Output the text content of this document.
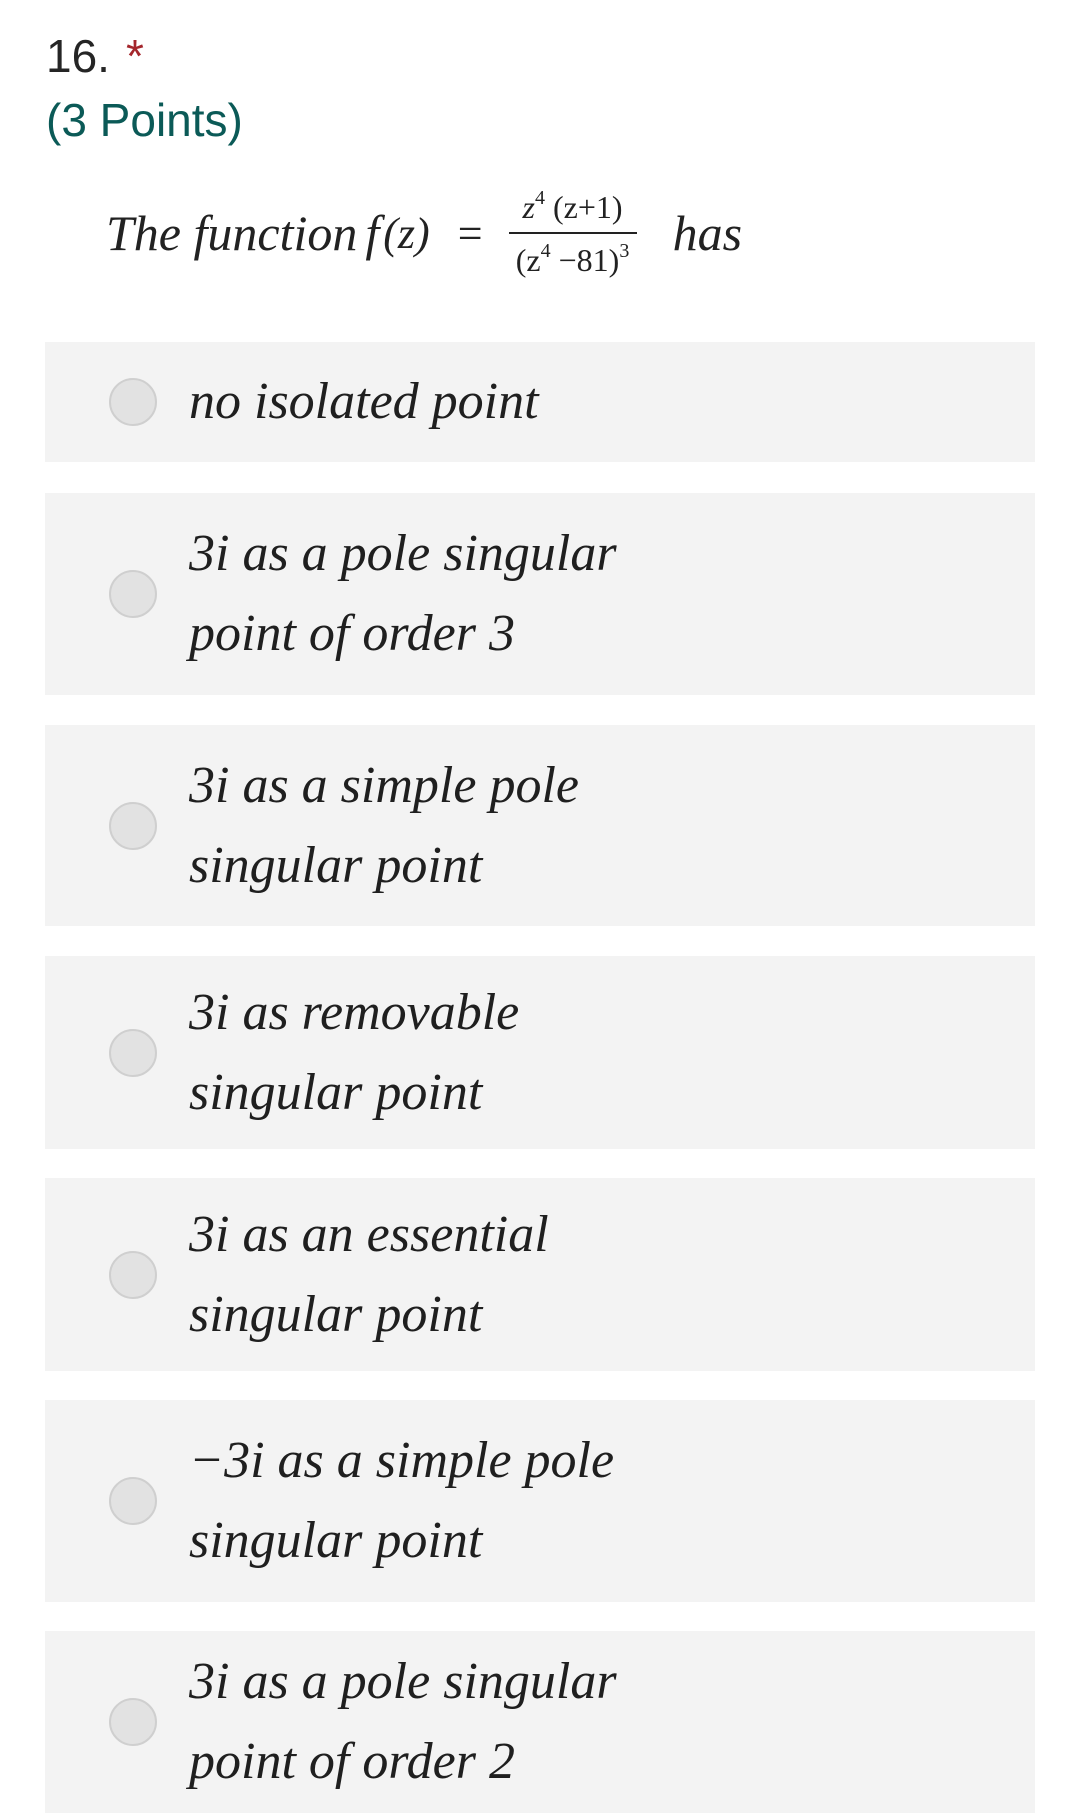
16. *
(3 Points)
The function f $(z) = \frac{z^4 (z+1)}{(z^4 -81)^3}$ has
no isolated point
3i as a pole singular
point of order 3
3i as a simple pole
singular point
3i as removable
singular point
3i as an essential
singular point
−3i as a simple pole
singular point
3i as a pole singular
point of order 2
